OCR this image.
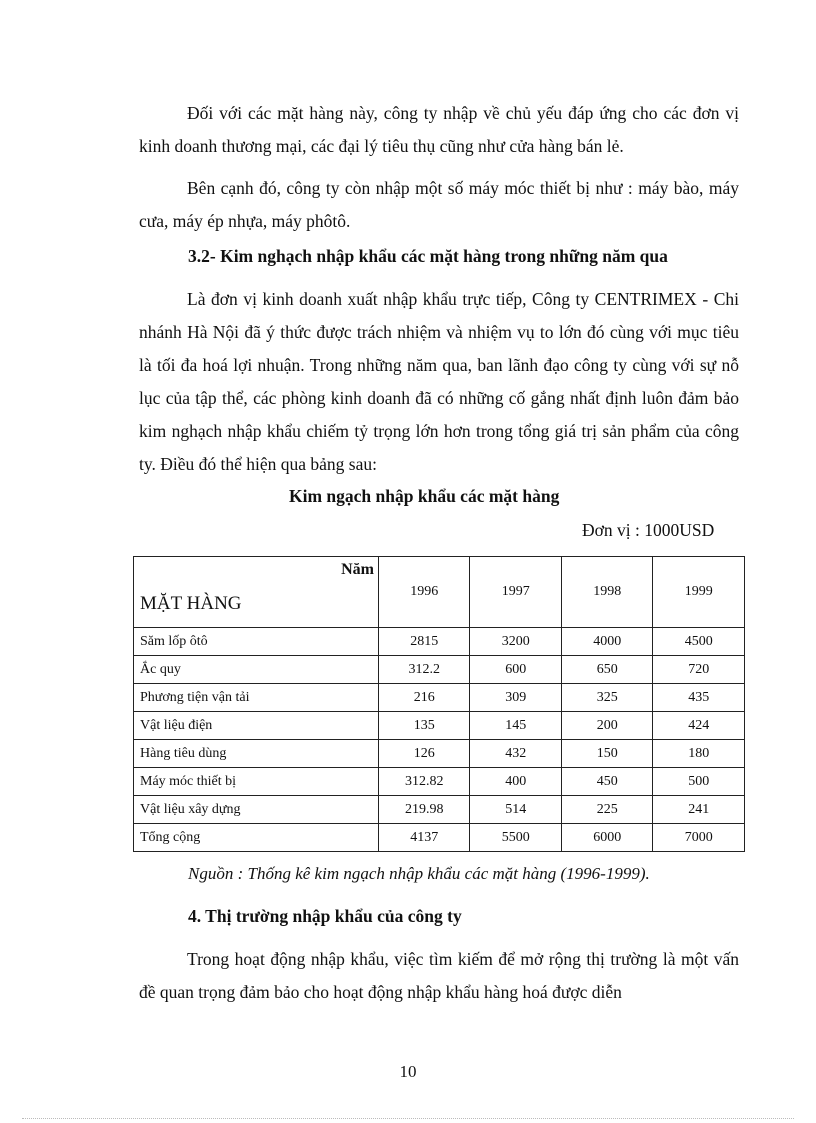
Đối với các mặt hàng này, công ty nhập về chủ yếu đáp ứng cho các đơn vị kinh doanh thương mại, các đại lý tiêu thụ cũng như cửa hàng bán lẻ.

Bên cạnh đó, công ty còn nhập một số máy móc thiết bị như : máy bào, máy cưa, máy ép nhựa, máy phôtô.

3.2- Kim nghạch nhập khẩu các mặt hàng trong những năm qua

Là đơn vị kinh doanh xuất nhập khẩu trực tiếp, Công ty CENTRIMEX - Chi nhánh Hà Nội đã ý thức được trách nhiệm và nhiệm vụ to lớn đó cùng với mục tiêu là tối đa hoá lợi nhuận. Trong những năm qua, ban lãnh đạo công ty cùng với sự nỗ lục của tập thể, các phòng kinh doanh đã có những cố gắng nhất định luôn đảm bảo kim nghạch nhập khẩu chiếm tỷ trọng lớn hơn trong tổng giá trị sản phẩm của công ty. Điều đó thể hiện qua bảng sau:

Kim ngạch nhập khẩu các mặt hàng

Đơn vị : 1000USD

Năm
MẶT HÀNG	1996	1997	1998	1999
Săm lốp ôtô	2815	3200	4000	4500
Ắc quy	312.2	600	650	720
Phương tiện vận tải	216	309	325	435
Vật liệu điện	135	145	200	424
Hàng tiêu dùng	126	432	150	180
Máy móc thiết bị	312.82	400	450	500
Vật liệu xây dựng	219.98	514	225	241
Tổng cộng	4137	5500	6000	7000

Nguồn : Thống kê kim ngạch nhập khẩu các mặt hàng (1996-1999).

4. Thị trường nhập khẩu của công ty

Trong hoạt động nhập khẩu, việc tìm kiếm để mở rộng thị trường là một vấn đề quan trọng đảm bảo cho hoạt động nhập khẩu hàng hoá được diễn

10
